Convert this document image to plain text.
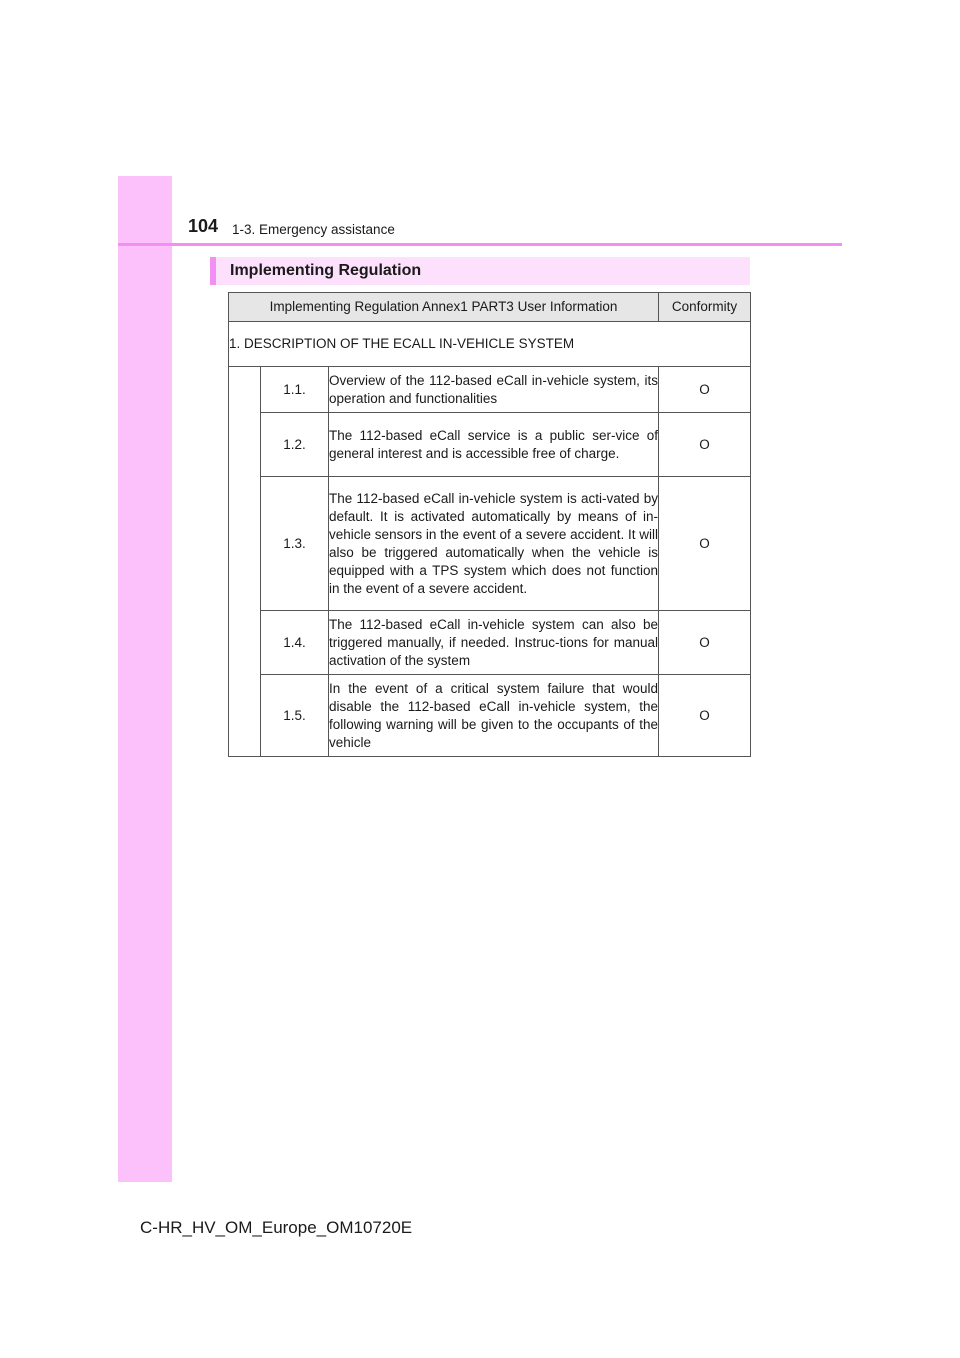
104 1-3. Emergency assistance
Implementing Regulation
Implementing Regulation Annex1 PART3 User Information			Conformity
1. DESCRIPTION OF THE ECALL IN-VEHICLE SYSTEM			
	1.1.	Overview of the 112-based eCall in-vehicle system, its operation and functionalities	O
	1.2.	The 112-based eCall service is a public ser-vice of general interest and is accessible free of charge.	O
	1.3.	The 112-based eCall in-vehicle system is acti-vated by default. It is activated automatically by means of in-vehicle sensors in the event of a severe accident. It will also be triggered automatically when the vehicle is equipped with a TPS system which does not function in the event of a severe accident.	O
	1.4.	The 112-based eCall in-vehicle system can also be triggered manually, if needed. Instruc-tions for manual activation of the system	O
	1.5.	In the event of a critical system failure that would disable the 112-based eCall in-vehicle system, the following warning will be given to the occupants of the vehicle	O
C-HR_HV_OM_Europe_OM10720E
